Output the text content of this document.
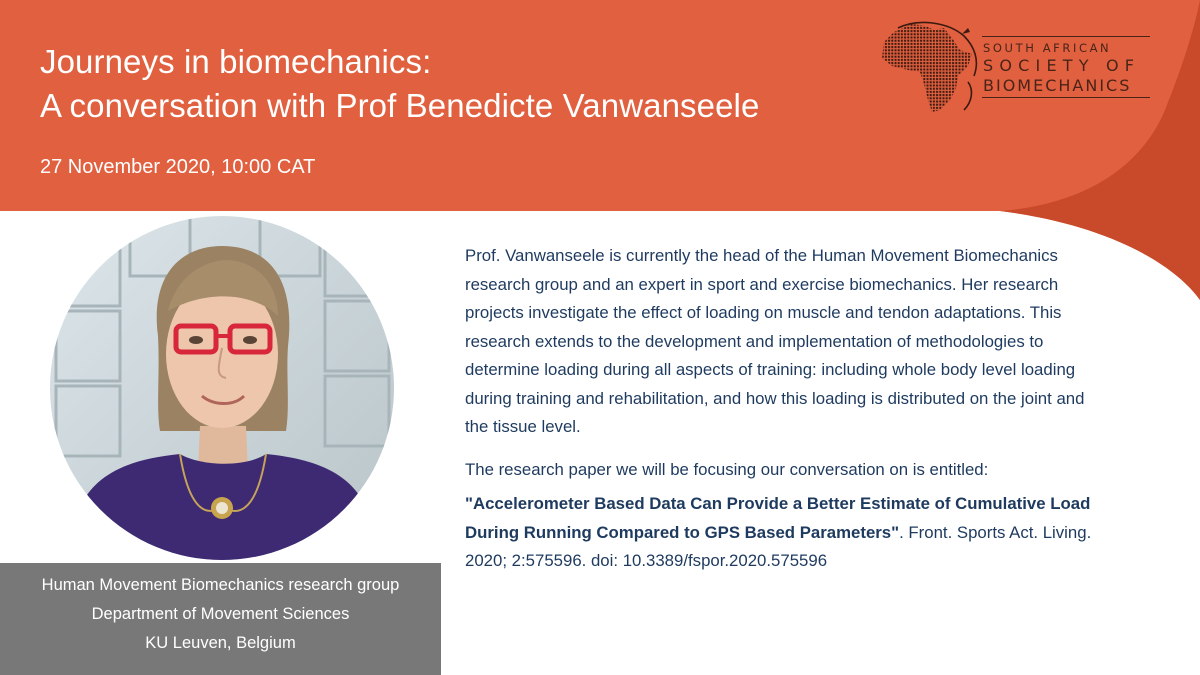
Journeys in biomechanics:
A conversation with Prof Benedicte Vanwanseele
27 November 2020, 10:00 CAT
SOUTH AFRICAN
SOCIETY OF
BIOMECHANICS
Human Movement Biomechanics research group
Department of Movement Sciences
KU Leuven, Belgium

Prof. Vanwanseele is currently the head of the Human Movement Biomechanics research group and an expert in sport and exercise biomechanics. Her research projects investigate the effect of loading on muscle and tendon adaptations. This research extends to the development and implementation of methodologies to determine loading during all aspects of training: including whole body level loading during training and rehabilitation, and how this loading is distributed on the joint and the tissue level.

The research paper we will be focusing our conversation on is entitled:

"Accelerometer Based Data Can Provide a Better Estimate of Cumulative Load During Running Compared to GPS Based Parameters". Front. Sports Act. Living. 2020; 2:575596. doi: 10.3389/fspor.2020.575596
